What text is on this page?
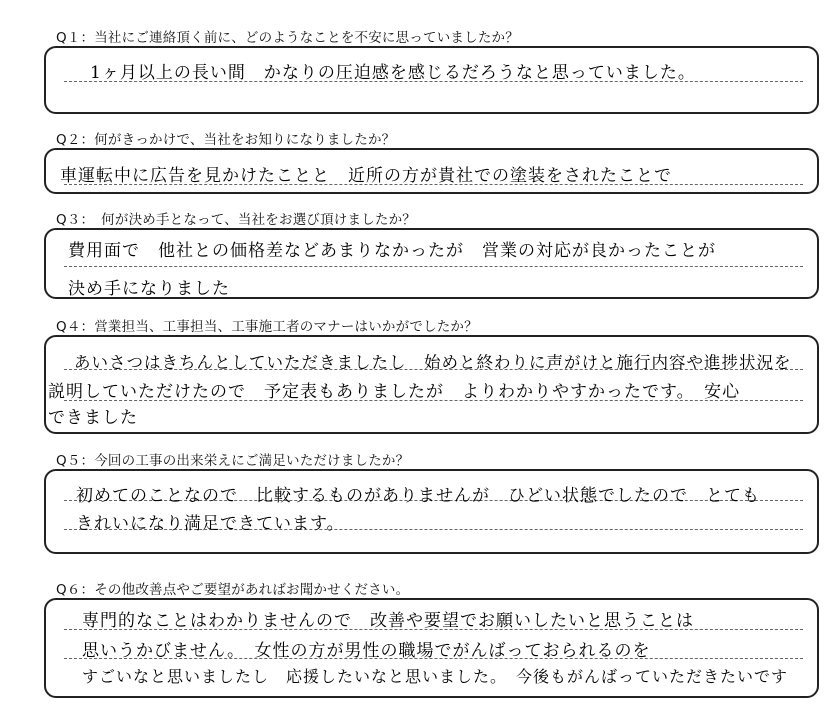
Q１：当社にご連絡頂く前に、どのようなことを不安に思っていましたか？
1ヶ月以上の長い間　かなりの圧迫感を感じるだろうなと思っていました。
Q２：何がきっかけで、当社をお知りになりましたか？
車運転中に広告を見かけたことと　近所の方が貴社での塗装をされたことで
Q３：　何が決め手となって、当社をお選び頂けましたか？
費用面で　他社との価格差などあまりなかったが　営業の対応が良かったことが
決め手になりました
Q４：営業担当、工事担当、工事施工者のマナーはいかがでしたか？
あいさつはきちんとしていただきましたし　始めと終わりに声がけと施行内容や進捗状況を
説明していただけたので　予定表もありましたが　よりわかりやすかったです。　安心
できました
Q５：今回の工事の出来栄えにご満足いただけましたか？
初めてのことなので　比較するものがありませんが　ひどい状態でしたので　とても
きれいになり満足できています。
Q６：その他改善点やご要望があればお聞かせください。
専門的なことはわかりませんので　改善や要望でお願いしたいと思うことは
思いうかびません。　女性の方が男性の職場でがんばっておられるのを
すごいなと思いましたし　応援したいなと思いました。　今後もがんばっていただきたいです
